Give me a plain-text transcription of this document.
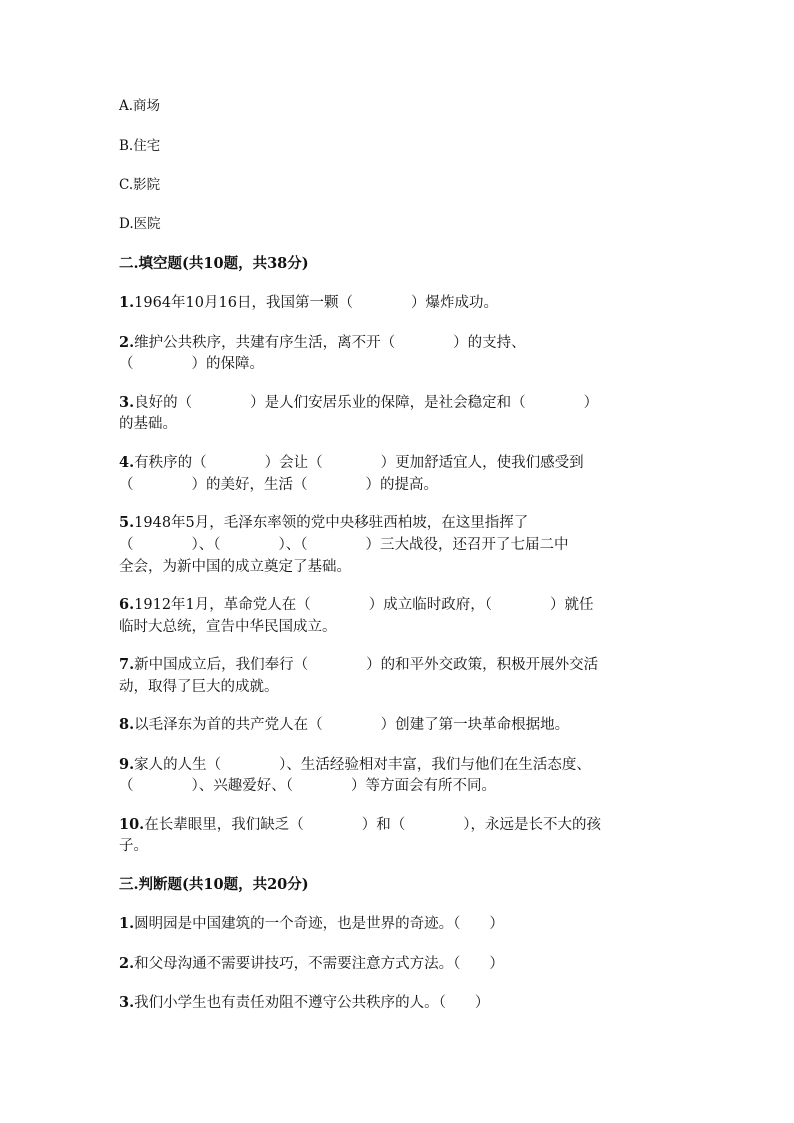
A.商场
B.住宅
C.影院
D.医院
二.填空题(共10题，共38分)
1.1964年10月16日，我国第一颗（　　　　）爆炸成功。
2.维护公共秩序，共建有序生活，离不开（　　　　）的支持、
（　　　　）的保障。
3.良好的（　　　　）是人们安居乐业的保障，是社会稳定和（　　　　）
的基础。
4.有秩序的（　　　　）会让（　　　　）更加舒适宜人，使我们感受到
（　　　　）的美好，生活（　　　　）的提高。
5.1948年5月，毛泽东率领的党中央移驻西柏坡，在这里指挥了
（　　　　）、（　　　　）、（　　　　）三大战役，还召开了七届二中
全会，为新中国的成立奠定了基础。
6.1912年1月，革命党人在（　　　　）成立临时政府，（　　　　）就任
临时大总统，宣告中华民国成立。
7.新中国成立后，我们奉行（　　　　）的和平外交政策，积极开展外交活
动，取得了巨大的成就。
8.以毛泽东为首的共产党人在（　　　　）创建了第一块革命根据地。
9.家人的人生（　　　　）、生活经验相对丰富，我们与他们在生活态度、
（　　　　）、兴趣爱好、（　　　　）等方面会有所不同。
10.在长辈眼里，我们缺乏（　　　　）和（　　　　），永远是长不大的孩
子。
三.判断题(共10题，共20分)
1.圆明园是中国建筑的一个奇迹，也是世界的奇迹。（　　）
2.和父母沟通不需要讲技巧，不需要注意方式方法。（　　）
3.我们小学生也有责任劝阻不遵守公共秩序的人。（　　）
